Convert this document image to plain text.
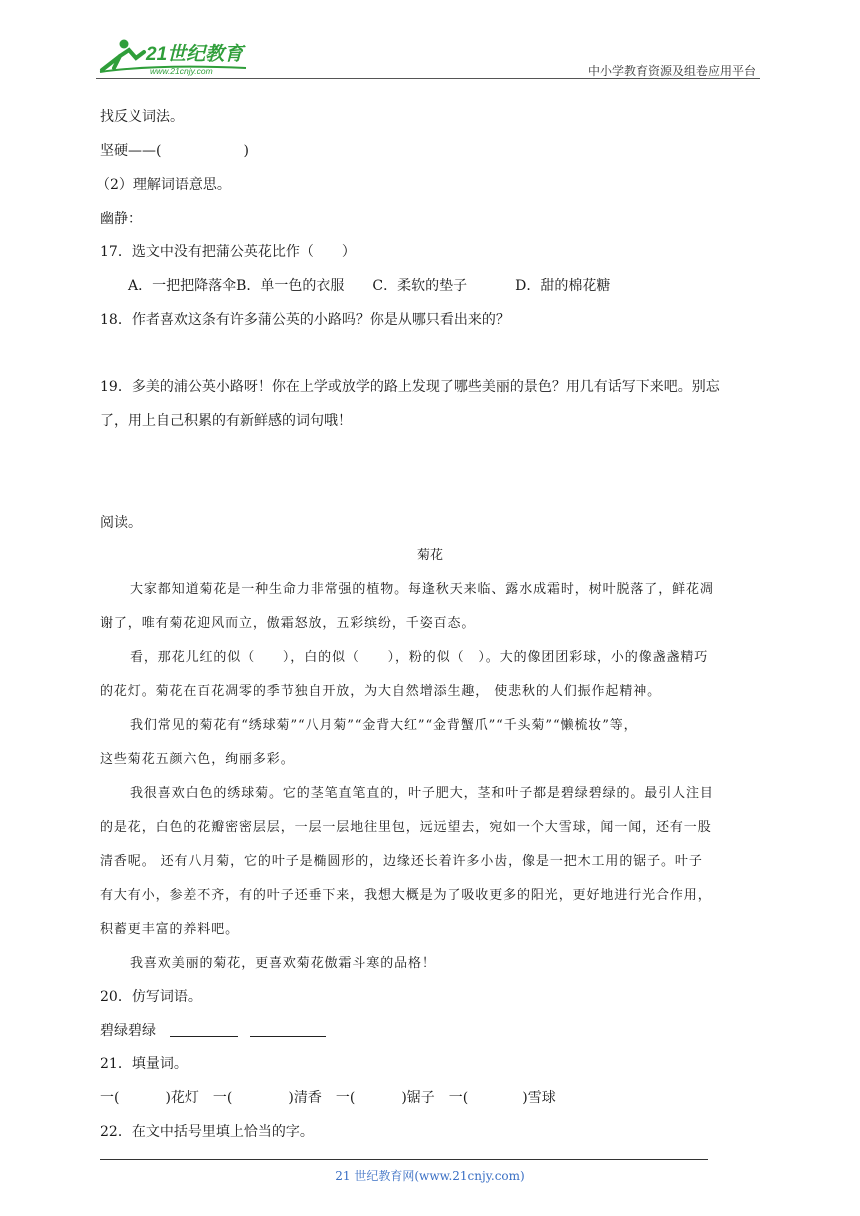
21世纪教育
www.21cnjy.com	中小学教育资源及组卷应用平台
找反义词法。
坚硬——(	)
（2）理解词语意思。
幽静：
17．选文中没有把蒲公英花比作（　　）
A．一把把降落伞B．单一色的衣服 C．柔软的垫子	D．甜的棉花糖
18．作者喜欢这条有许多蒲公英的小路吗？你是从哪只看出来的？
19．多美的浦公英小路呀！你在上学或放学的路上发现了哪些美丽的景色？用几有话写下来吧。别忘
了，用上自己积累的有新鲜感的词句哦！
阅读。
菊花
大家都知道菊花是一种生命力非常强的植物。每逢秋天来临、露水成霜时，树叶脱落了，鲜花凋
谢了，唯有菊花迎风而立，傲霜怒放，五彩缤纷，千姿百态。
看，那花儿红的似（　　），白的似（　　），粉的似（　）。大的像团团彩球，小的像盏盏精巧
的花灯。菊花在百花凋零的季节独自开放，为大自然增添生趣， 使悲秋的人们振作起精神。
我们常见的菊花有“绣球菊”“八月菊”“金背大红”“金背蟹爪”“千头菊”“懒梳妆”等，
这些菊花五颜六色，绚丽多彩。
我很喜欢白色的绣球菊。它的茎笔直笔直的，叶子肥大，茎和叶子都是碧绿碧绿的。最引人注目
的是花，白色的花瓣密密层层，一层一层地往里包，远远望去，宛如一个大雪球，闻一闻，还有一股
清香呢。 还有八月菊，它的叶子是椭圆形的，边缘还长着许多小齿，像是一把木工用的锯子。叶子
有大有小，参差不齐，有的叶子还垂下来，我想大概是为了吸收更多的阳光，更好地进行光合作用，
积蓄更丰富的养料吧。
我喜欢美丽的菊花，更喜欢菊花傲霜斗寒的品格！
20．仿写词语。
碧绿碧绿
21．填量词。
一(	)花灯　一(	)清香　一(	)锯子　一(	)雪球
22．在文中括号里填上恰当的字。
21 世纪教育网(www.21cnjy.com)
